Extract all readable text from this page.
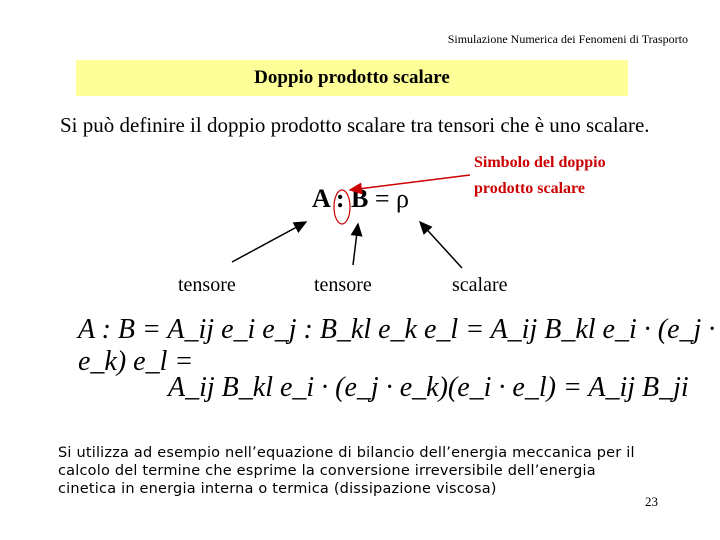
Simulazione Numerica dei Fenomeni di Trasporto
Doppio prodotto scalare
Si può definire il doppio prodotto scalare tra tensori che è uno scalare.
Simbolo del doppio
prodotto scalare
A : B = ρ
tensore	tensore	scalare
A : B = A_ij e_i e_j : B_kl e_k e_l = A_ij B_kl e_i · (e_j · e_k) e_l =
A_ij B_kl e_i · (e_j · e_k)(e_i · e_l) = A_ij B_ji
Si utilizza ad esempio nell’equazione di bilancio dell’energia meccanica per il calcolo del termine che esprime la conversione irreversibile dell’energia cinetica in energia interna o termica (dissipazione viscosa)
23
